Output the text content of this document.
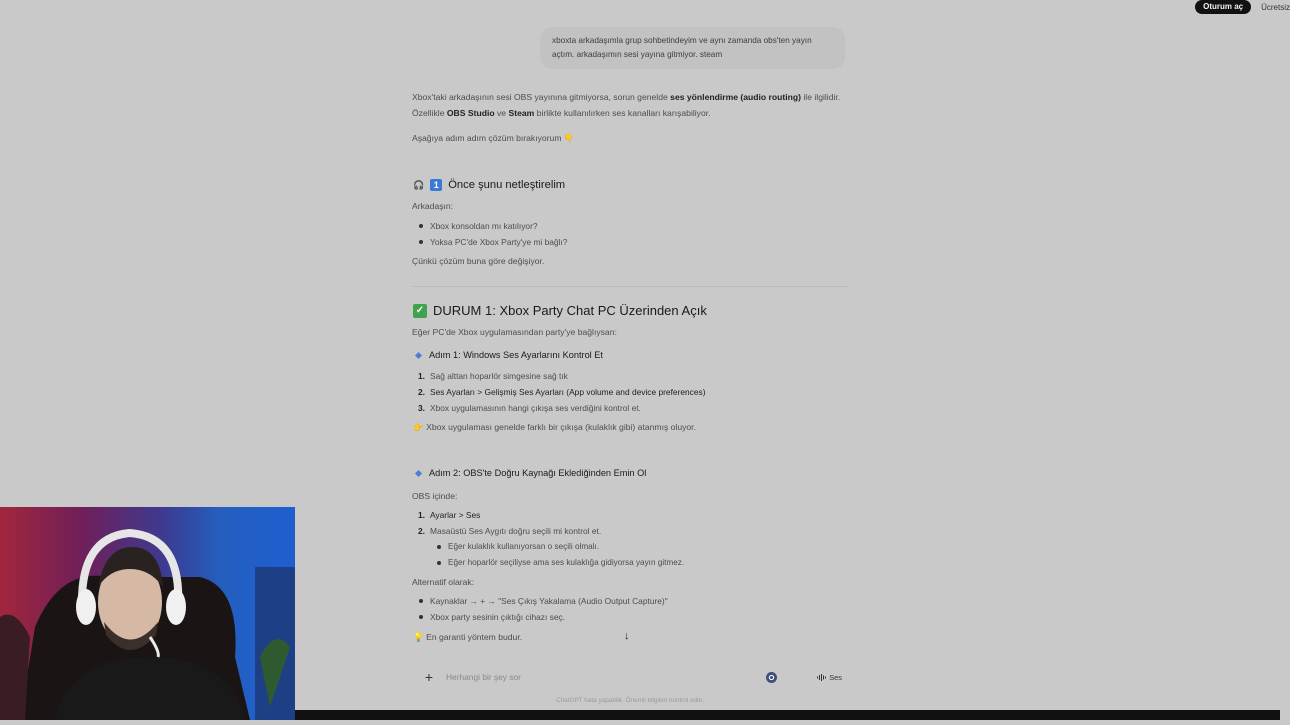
Oturum aç	Ücretsiz
xboxta arkadaşımla grup sohbetindeyim ve aynı zamanda obs'ten yayın açtım. arkadaşımın sesi yayına gitmiyor. steam
Xbox'taki arkadaşının sesi OBS yayınına gitmiyorsa, sorun genelde ses yönlendirme (audio routing) ile ilgilidir. Özellikle OBS Studio ve Steam birlikte kullanılırken ses kanalları karışabiliyor.
Aşağıya adım adım çözüm bırakıyorum 👇
🎧	1 Önce şunu netleştirelim
Arkadaşın:
Xbox konsoldan mı katılıyor?
Yoksa PC'de Xbox Party'ye mi bağlı?
Çünkü çözüm buna göre değişiyor.
✓ DURUM 1: Xbox Party Chat PC Üzerinden Açık
Eğer PC'de Xbox uygulamasından party'ye bağlıysan:
Adım 1: Windows Ses Ayarlarını Kontrol Et
1. Sağ alttan hoparlör simgesine sağ tık
2. Ses Ayarları > Gelişmiş Ses Ayarları (App volume and device preferences)
3. Xbox uygulamasının hangi çıkışa ses verdiğini kontrol et.
👉 Xbox uygulaması genelde farklı bir çıkışa (kulaklık gibi) atanmış oluyor.
Adım 2: OBS'te Doğru Kaynağı Eklediğinden Emin Ol
OBS içinde:
1. Ayarlar > Ses
2. Masaüstü Ses Aygıtı doğru seçili mi kontrol et.
Eğer kulaklık kullanıyorsan o seçili olmalı.
Eğer hoparlör seçiliyse ama ses kulaklığa gidiyorsa yayın gitmez.
Alternatif olarak:
Kaynaklar → + → "Ses Çıkış Yakalama (Audio Output Capture)"
Xbox party sesinin çıktığı cihazı seç.
💡 En garanti yöntem budur.	↓
+
Herhangi bir şey sor	Ses
ChatGPT hata yapabilir. Önemli bilgileri kontrol edin.
